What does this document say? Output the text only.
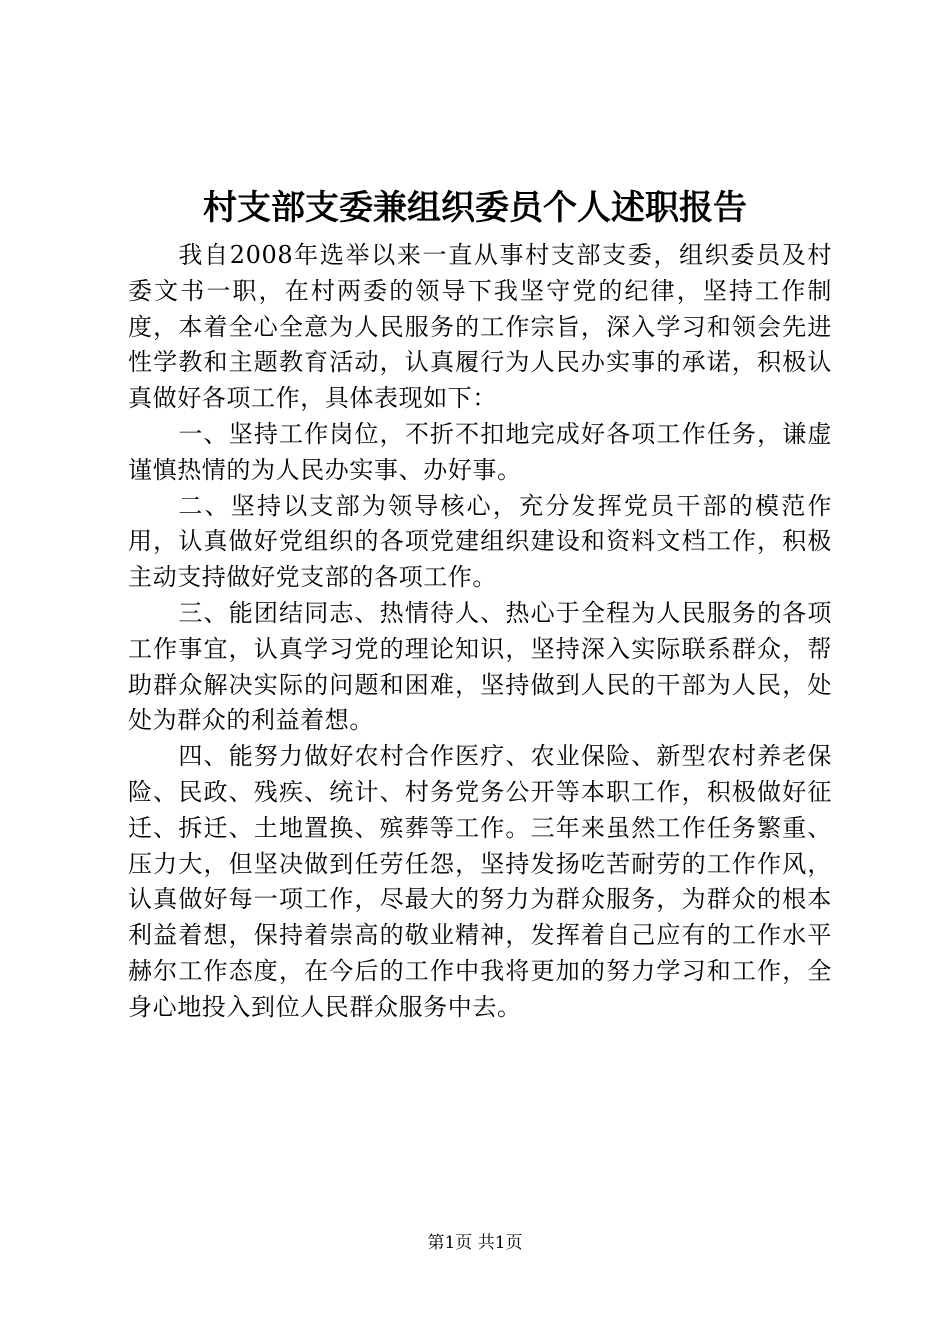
村支部支委兼组织委员个人述职报告

我自2008年选举以来一直从事村支部支委，组织委员及村委文书一职，在村两委的领导下我坚守党的纪律，坚持工作制度，本着全心全意为人民服务的工作宗旨，深入学习和领会先进性学教和主题教育活动，认真履行为人民办实事的承诺，积极认真做好各项工作，具体表现如下：

一、坚持工作岗位，不折不扣地完成好各项工作任务，谦虚谨慎热情的为人民办实事、办好事。

二、坚持以支部为领导核心，充分发挥党员干部的模范作用，认真做好党组织的各项党建组织建设和资料文档工作，积极主动支持做好党支部的各项工作。

三、能团结同志、热情待人、热心于全程为人民服务的各项工作事宜，认真学习党的理论知识，坚持深入实际联系群众，帮助群众解决实际的问题和困难，坚持做到人民的干部为人民，处处为群众的利益着想。

四、能努力做好农村合作医疗、农业保险、新型农村养老保险、民政、残疾、统计、村务党务公开等本职工作，积极做好征迁、拆迁、土地置换、殡葬等工作。三年来虽然工作任务繁重、压力大，但坚决做到任劳任怨，坚持发扬吃苦耐劳的工作作风，认真做好每一项工作，尽最大的努力为群众服务，为群众的根本利益着想，保持着崇高的敬业精神，发挥着自己应有的工作水平赫尔工作态度，在今后的工作中我将更加的努力学习和工作，全身心地投入到位人民群众服务中去。

第1页 共1页
